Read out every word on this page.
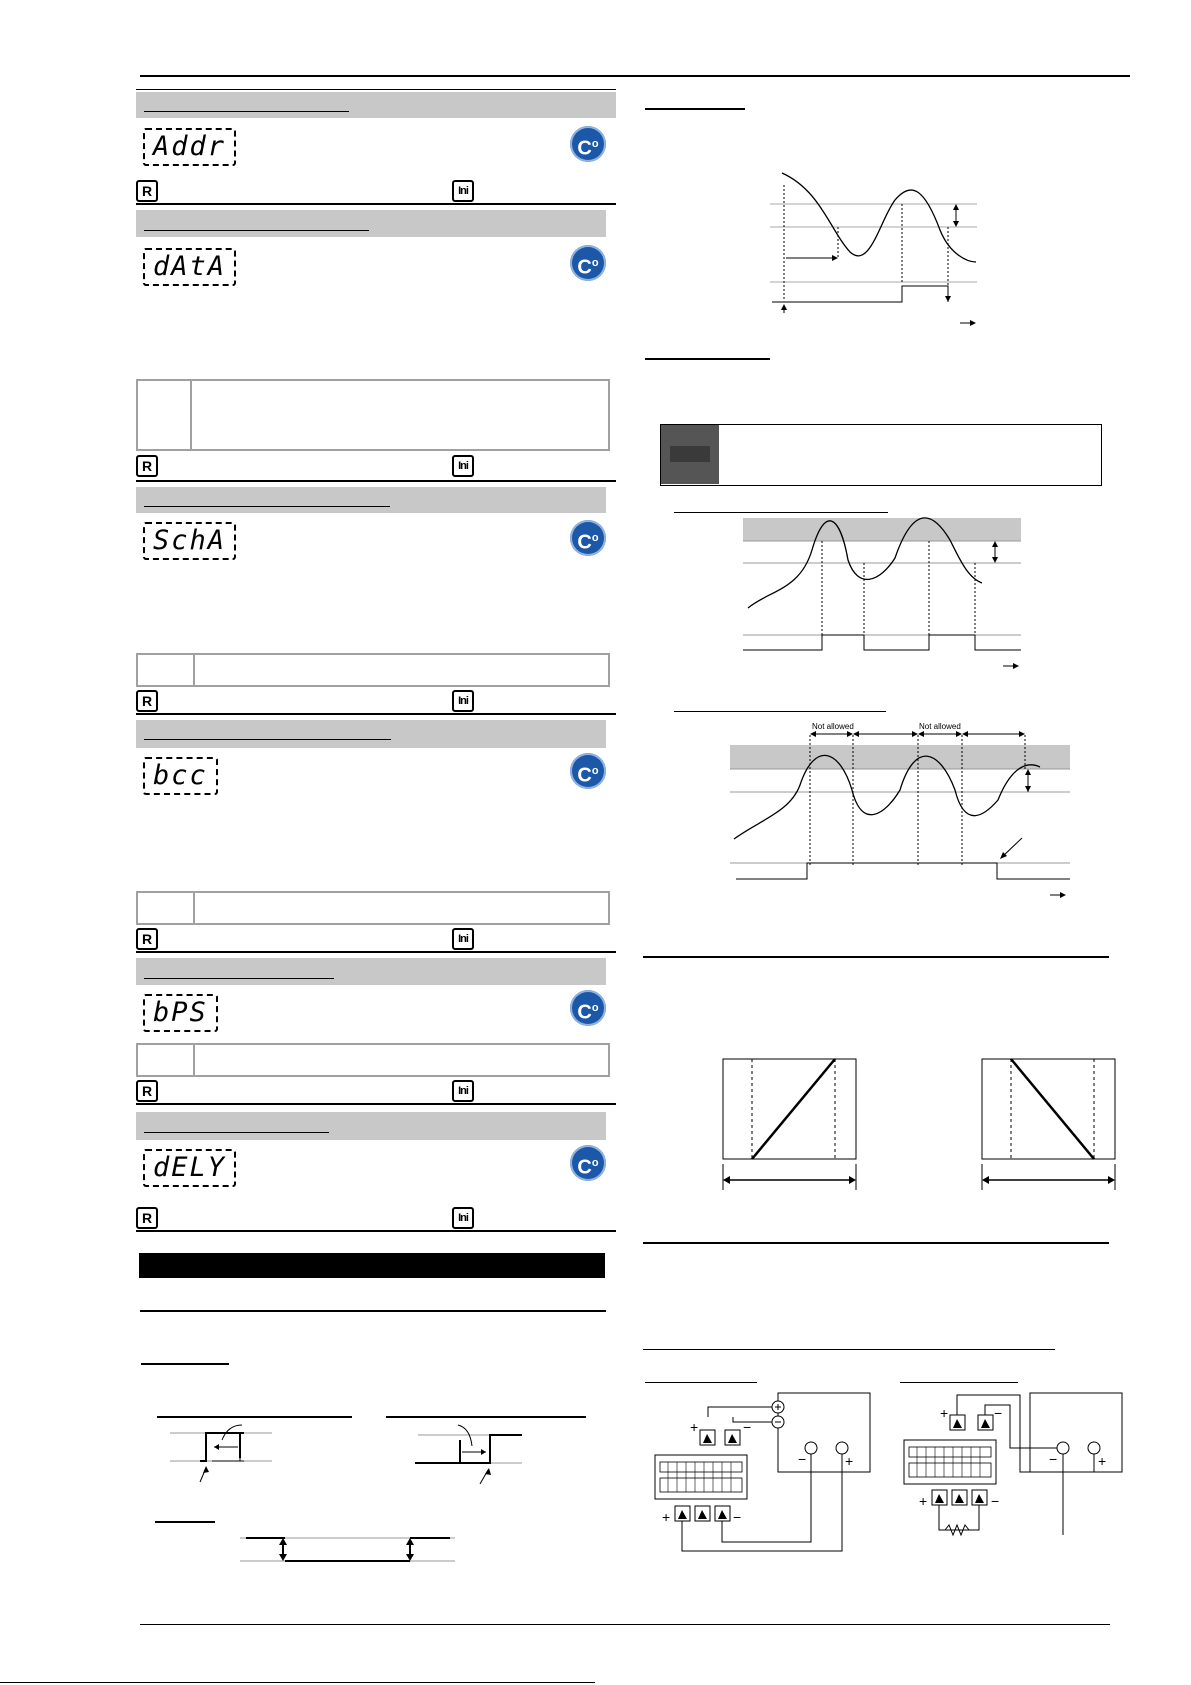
Addr	$C^o$
R	Ini
dAtA	$C^o$
R	Ini
SchA	$C^o$
R	Ini
bcc	$C^o$
R	Ini
bPS	$C^o$
R	Ini
dELY	$C^o$
R	Ini
Not allowed	Not allowed
+	−
−	+
+	−
−	+
+	−
+	−
